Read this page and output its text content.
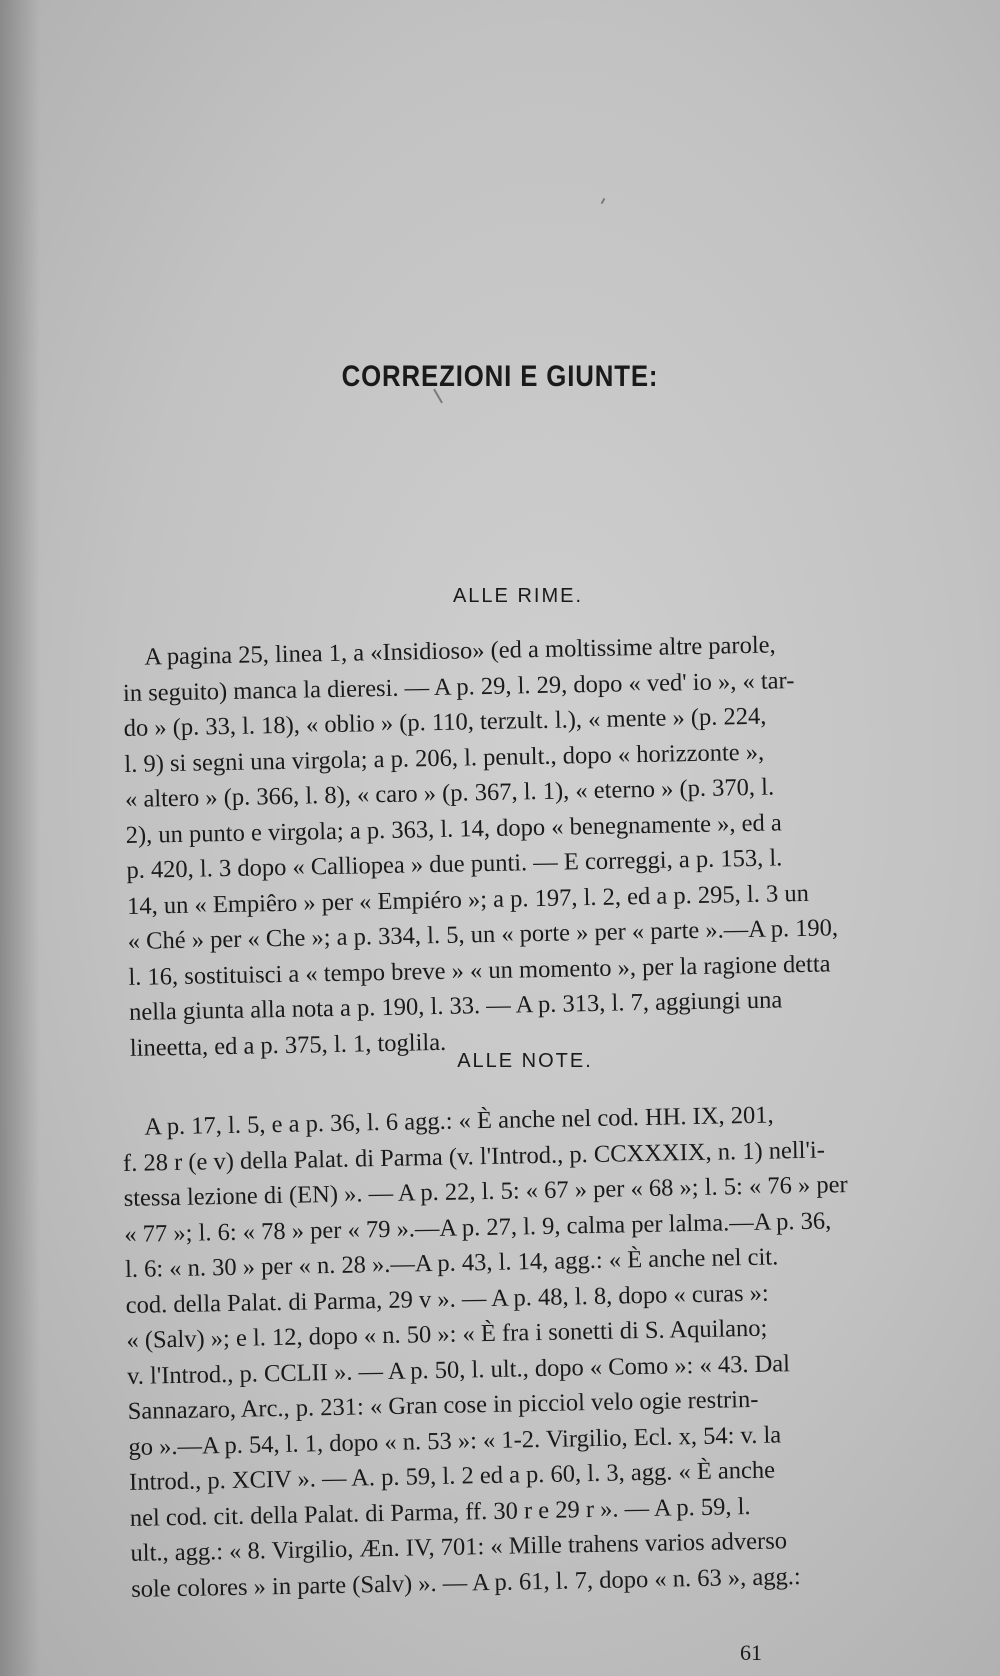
CORREZIONI E GIUNTE:
ALLE RIME.
A pagina 25, linea 1, a «Insidioso» (ed a moltissime altre parole,
in seguito) manca la dieresi. — A p. 29, l. 29, dopo « ved' io », « tar-
do » (p. 33, l. 18), « oblio » (p. 110, terzult. l.), « mente » (p. 224,
l. 9) si segni una virgola; a p. 206, l. penult., dopo « horizzonte »,
« altero » (p. 366, l. 8), « caro » (p. 367, l. 1), « eterno » (p. 370, l.
2), un punto e virgola; a p. 363, l. 14, dopo « benegnamente », ed a
p. 420, l. 3 dopo « Calliopea » due punti. — E correggi, a p. 153, l.
14, un « Empiêro » per « Empiéro »; a p. 197, l. 2, ed a p. 295, l. 3 un
« Ché » per « Che »; a p. 334, l. 5, un « porte » per « parte ».—A p. 190,
l. 16, sostituisci a « tempo breve » « un momento », per la ragione detta
nella giunta alla nota a p. 190, l. 33. — A p. 313, l. 7, aggiungi una
lineetta, ed a p. 375, l. 1, toglila. ALLE NOTE.
A p. 17, l. 5, e a p. 36, l. 6 agg.: « È anche nel cod. HH. IX, 201,
f. 28 r (e v) della Palat. di Parma (v. l'Introd., p. CCXXXIX, n. 1) nell'i-
stessa lezione di (EN) ». — A p. 22, l. 5: « 67 » per « 68 »; l. 5: « 76 » per
« 77 »; l. 6: « 78 » per « 79 ».—A p. 27, l. 9, calma per lalma.—A p. 36,
l. 6: « n. 30 » per « n. 28 ».—A p. 43, l. 14, agg.: « È anche nel cit.
cod. della Palat. di Parma, 29 v ». — A p. 48, l. 8, dopo « curas »:
« (Salv) »; e l. 12, dopo « n. 50 »: « È fra i sonetti di S. Aquilano;
v. l'Introd., p. CCLII ». — A p. 50, l. ult., dopo « Como »: « 43. Dal
Sannazaro, Arc., p. 231: « Gran cose in picciol velo ogie restrin-
go ».—A p. 54, l. 1, dopo « n. 53 »: « 1-2. Virgilio, Ecl. x, 54: v. la
Introd., p. XCIV ». — A. p. 59, l. 2 ed a p. 60, l. 3, agg. « È anche
nel cod. cit. della Palat. di Parma, ff. 30 r e 29 r ». — A p. 59, l.
ult., agg.: « 8. Virgilio, Æn. IV, 701: « Mille trahens varios adverso
sole colores » in parte (Salv) ». — A p. 61, l. 7, dopo « n. 63 », agg.:
61
